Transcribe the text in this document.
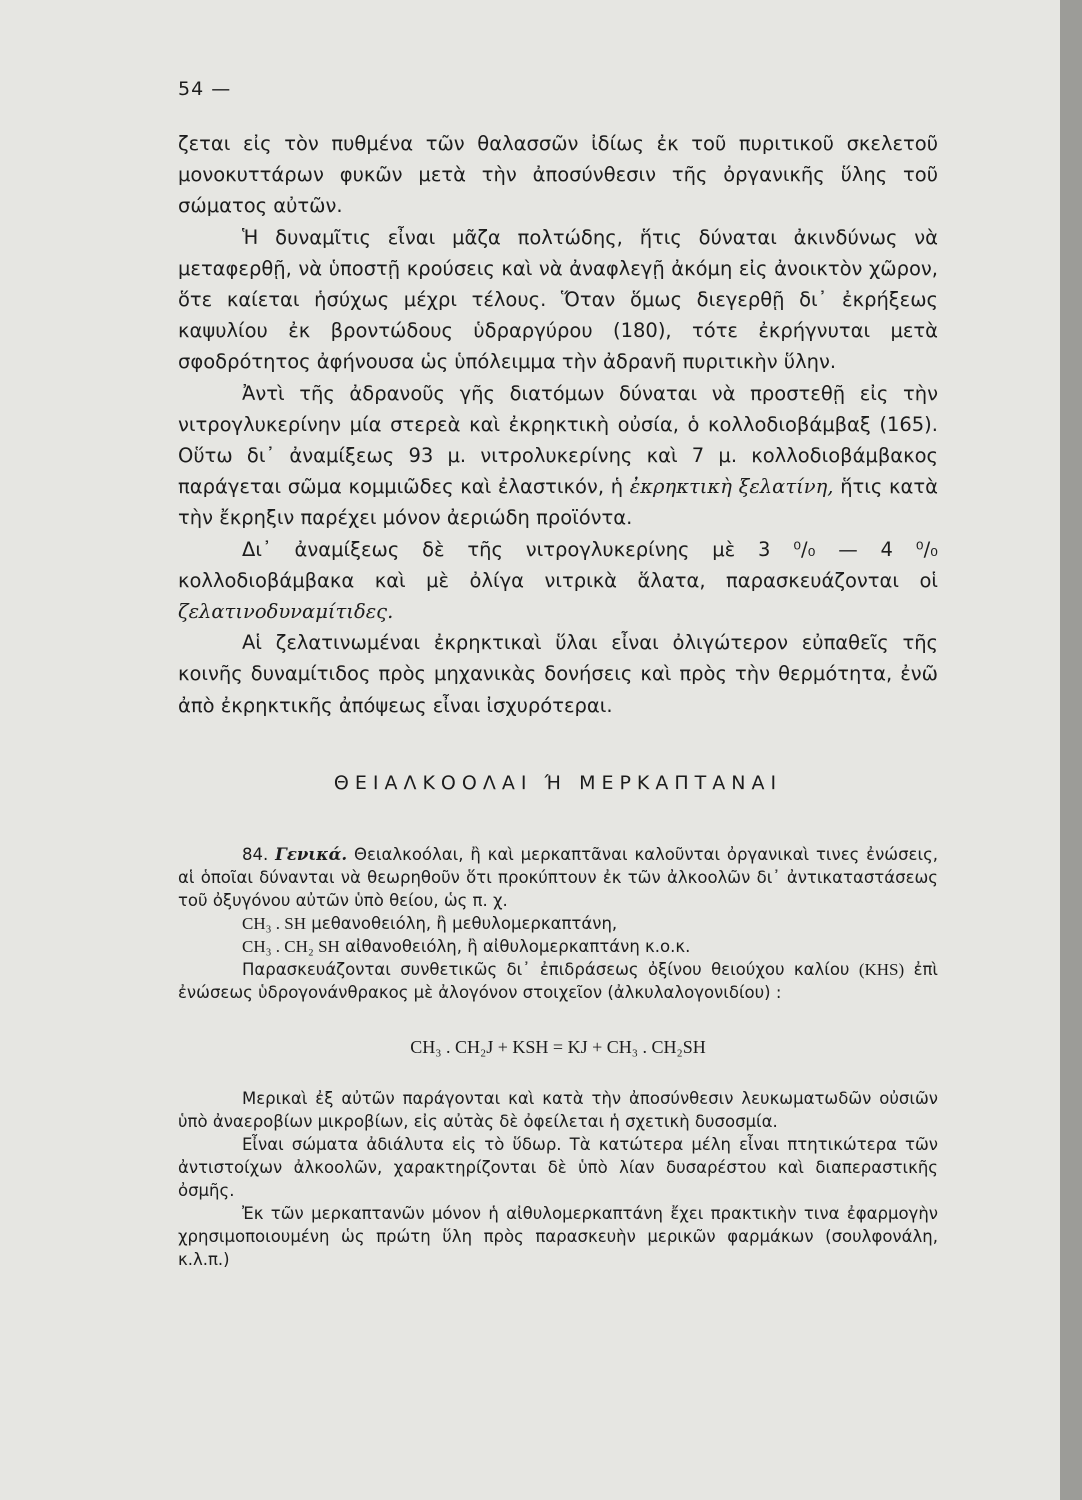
54 —

ζεται εἰς τὸν πυθμένα τῶν θαλασσῶν ἰδίως ἐκ τοῦ πυριτικοῦ σκελετοῦ μονοκυττάρων φυκῶν μετὰ τὴν ἀποσύνθεσιν τῆς ὀργανικῆς ὕλης τοῦ σώματος αὐτῶν.

Ἡ δυναμῖτις εἶναι μᾶζα πολτώδης, ἥτις δύναται ἀκινδύνως νὰ μεταφερθῇ, νὰ ὑποστῇ κρούσεις καὶ νὰ ἀναφλεγῇ ἀκόμη εἰς ἀνοικτὸν χῶρον, ὅτε καίεται ἡσύχως μέχρι τέλους. Ὅταν ὅμως διεγερθῇ δι᾽ ἐκρήξεως καψυλίου ἐκ βροντώδους ὑδραργύρου (180), τότε ἐκρήγνυται μετὰ σφοδρότητος ἀφήνουσα ὡς ὑπόλειμμα τὴν ἀδρανῆ πυριτικὴν ὕλην.

Ἀντὶ τῆς ἀδρανοῦς γῆς διατόμων δύναται νὰ προστεθῇ εἰς τὴν νιτρογλυκερίνην μία στερεὰ καὶ ἐκρηκτικὴ οὐσία, ὁ κολλοδιοβάμβαξ (165). Οὕτω δι᾽ ἀναμίξεως 93 μ. νιτρολυκερίνης καὶ 7 μ. κολλοδιοβάμβακος παράγεται σῶμα κομμιῶδες καὶ ἐλαστικόν, ἡ ἐκρηκτικὴ ξελατίνη, ἥτις κατὰ τὴν ἔκρηξιν παρέχει μόνον ἀεριώδη προϊόντα.

Δι᾽ ἀναμίξεως δὲ τῆς νιτρογλυκερίνης μὲ 3 ⁰/₀ — 4 ⁰/₀ κολλοδιοβάμβακα καὶ μὲ ὀλίγα νιτρικὰ ἅλατα, παρασκευάζονται οἱ ζελατινοδυναμίτιδες.

Αἱ ζελατινωμέναι ἐκρηκτικαὶ ὕλαι εἶναι ὀλιγώτερον εὐπαθεῖς τῆς κοινῆς δυναμίτιδος πρὸς μηχανικὰς δονήσεις καὶ πρὸς τὴν θερμότητα, ἐνῶ ἀπὸ ἐκρηκτικῆς ἀπόψεως εἶναι ἰσχυρότεραι.

ΘΕΙΑΛΚΟΟΛΑΙ Ή ΜΕΡΚΑΠΤΑΝΑΙ

84. Γενικά. Θειαλκοόλαι, ἢ καὶ μερκαπτᾶναι καλοῦνται ὀργανικαὶ τινες ἐνώσεις, αἱ ὁποῖαι δύνανται νὰ θεωρηθοῦν ὅτι προκύπτουν ἐκ τῶν ἀλκοολῶν δι᾽ ἀντικαταστάσεως τοῦ ὀξυγόνου αὐτῶν ὑπὸ θείου, ὡς π. χ.

CH₃ . SH μεθανοθειόλη, ἢ μεθυλομερκαπτάνη,

CH₃ . CH₂ SH αἰθανοθειόλη, ἢ αἰθυλομερκαπτάνη κ.ο.κ.

Παρασκευάζονται συνθετικῶς δι᾽ ἐπιδράσεως ὀξίνου θειούχου καλίου (KHS) ἐπὶ ἐνώσεως ὑδρογονάνθρακος μὲ ἀλογόνον στοιχεῖον (ἀλκυλαλογονιδίου) :

CH₃ . CH₂J + KSH = KJ + CH₃ . CH₂SH

Μερικαὶ ἐξ αὐτῶν παράγονται καὶ κατὰ τὴν ἀποσύνθεσιν λευκωματωδῶν οὐσιῶν ὑπὸ ἀναεροβίων μικροβίων, εἰς αὐτὰς δὲ ὀφείλεται ἡ σχετικὴ δυσοσμία.

Εἶναι σώματα ἀδιάλυτα εἰς τὸ ὕδωρ. Τὰ κατώτερα μέλη εἶναι πτητικώτερα τῶν ἀντιστοίχων ἀλκοολῶν, χαρακτηρίζονται δὲ ὑπὸ λίαν δυσαρέστου καὶ διαπεραστικῆς ὀσμῆς.

Ἐκ τῶν μερκαπτανῶν μόνον ἡ αἰθυλομερκαπτάνη ἔχει πρακτικὴν τινα ἐφαρμογὴν χρησιμοποιουμένη ὡς πρώτη ὕλη πρὸς παρασκευὴν μερικῶν φαρμάκων (σουλφονάλη, κ.λ.π.)
